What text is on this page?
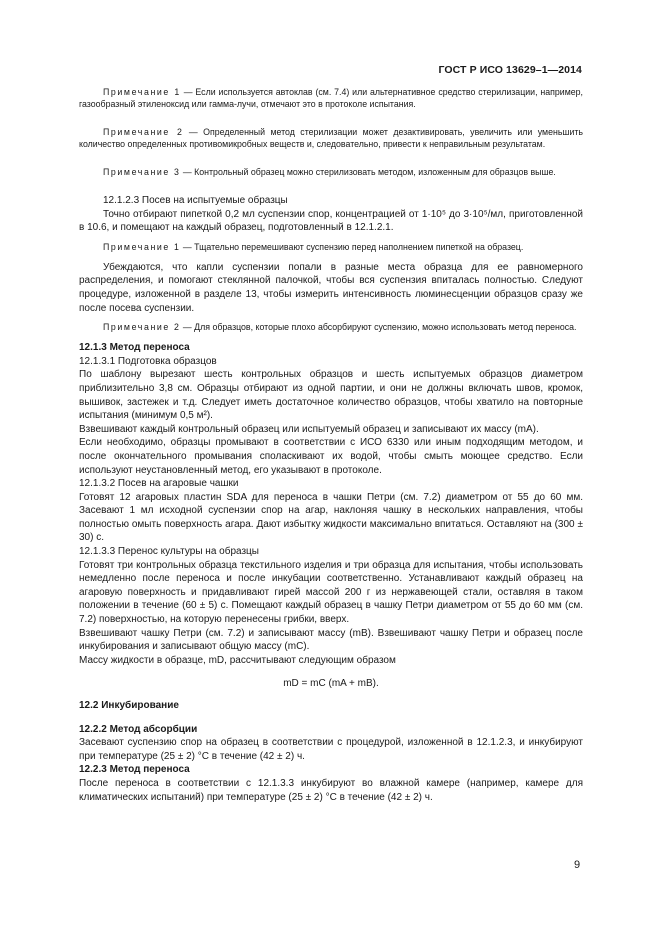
ГОСТ Р ИСО 13629–1—2014

Примечание 1 — Если используется автоклав (см. 7.4) или альтернативное средство стерилизации, например, газообразный этиленоксид или гамма-лучи, отмечают это в протоколе испытания.

Примечание 2 — Определенный метод стерилизации может дезактивировать, увеличить или уменьшить количество определенных противомикробных веществ и, следовательно, привести к неправильным результатам.

Примечание 3 — Контрольный образец можно стерилизовать методом, изложенным для образцов выше.

12.1.2.3 Посев на испытуемые образцы

Точно отбирают пипеткой 0,2 мл суспензии спор, концентрацией от 1·10⁵ до 3·10⁵/мл, приготовленной в 10.6, и помещают на каждый образец, подготовленный в 12.1.2.1.

Примечание 1 — Тщательно перемешивают суспензию перед наполнением пипеткой на образец.

Убеждаются, что капли суспензии попали в разные места образца для ее равномерного распределения, и помогают стеклянной палочкой, чтобы вся суспензия впиталась полностью. Следуют процедуре, изложенной в разделе 13, чтобы измерить интенсивность люминесценции образцов сразу же после посева суспензии.

Примечание 2 — Для образцов, которые плохо абсорбируют суспензию, можно использовать метод переноса.

12.1.3 Метод переноса

12.1.3.1 Подготовка образцов

По шаблону вырезают шесть контрольных образцов и шесть испытуемых образцов диаметром приблизительно 3,8 см. Образцы отбирают из одной партии, и они не должны включать швов, кромок, вышивок, застежек и т.д. Следует иметь достаточное количество образцов, чтобы хватило на повторные испытания (минимум 0,5 м²).

Взвешивают каждый контрольный образец или испытуемый образец и записывают их массу (mA).

Если необходимо, образцы промывают в соответствии с ИСО 6330 или иным подходящим методом, и после окончательного промывания споласкивают их водой, чтобы смыть моющее средство. Если используют неустановленный метод, его указывают в протоколе.

12.1.3.2 Посев на агаровые чашки

Готовят 12 агаровых пластин SDA для переноса в чашки Петри (см. 7.2) диаметром от 55 до 60 мм. Засевают 1 мл исходной суспензии спор на агар, наклоняя чашку в нескольких направления, чтобы полностью омыть поверхность агара. Дают избытку жидкости максимально впитаться. Оставляют на (300 ± 30) с.

12.1.3.3 Перенос культуры на образцы

Готовят три контрольных образца текстильного изделия и три образца для испытания, чтобы использовать немедленно после переноса и после инкубации соответственно. Устанавливают каждый образец на агаровую поверхность и придавливают гирей массой 200 г из нержавеющей стали, оставляя в таком положении в течение (60 ± 5) с. Помещают каждый образец в чашку Петри диаметром от 55 до 60 мм (см. 7.2) поверхностью, на которую перенесены грибки, вверх.

Взвешивают чашку Петри (см. 7.2) и записывают массу (mB). Взвешивают чашку Петри и образец после инкубирования и записывают общую массу (mC).

Массу жидкости в образце, mD, рассчитывают следующим образом

mD = mC (mA + mB).

12.2 Инкубирование

12.2.2 Метод абсорбции

Засевают суспензию спор на образец в соответствии с процедурой, изложенной в 12.1.2.3, и инкубируют при температуре (25 ± 2) °С в течение (42 ± 2) ч.

12.2.3 Метод переноса

После переноса в соответствии с 12.1.3.3 инкубируют во влажной камере (например, камере для климатических испытаний) при температуре (25 ± 2) °С в течение (42 ± 2) ч.

9
